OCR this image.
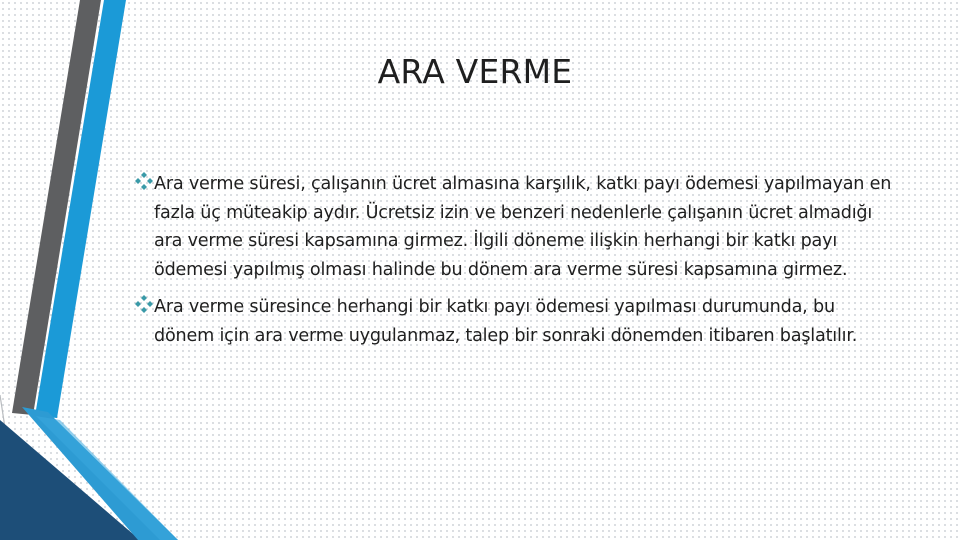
ARA VERME
Ara verme süresi, çalışanın ücret almasına karşılık, katkı payı ödemesi yapılmayan en fazla üç müteakip aydır. Ücretsiz izin ve benzeri nedenlerle çalışanın ücret almadığı ara verme süresi kapsamına girmez. İlgili döneme ilişkin herhangi bir katkı payı ödemesi yapılmış olması halinde bu dönem ara verme süresi kapsamına girmez.
Ara verme süresince herhangi bir katkı payı ödemesi yapılması durumunda, bu dönem için ara verme uygulanmaz, talep bir sonraki dönemden itibaren başlatılır.
